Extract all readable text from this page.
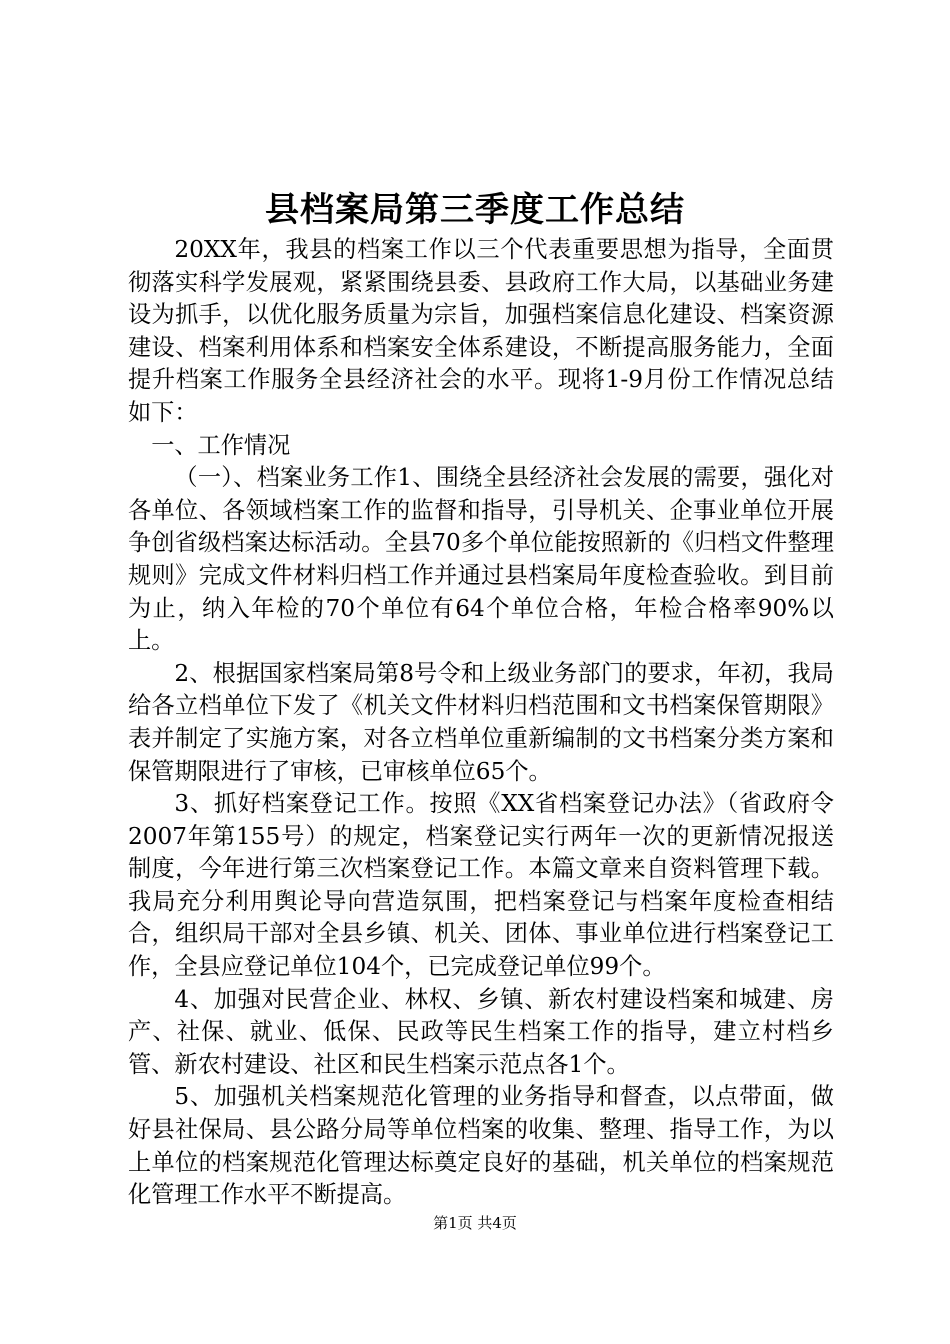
县档案局第三季度工作总结

20XX年，我县的档案工作以三个代表重要思想为指导，全面贯彻落实科学发展观，紧紧围绕县委、县政府工作大局，以基础业务建设为抓手，以优化服务质量为宗旨，加强档案信息化建设、档案资源建设、档案利用体系和档案安全体系建设，不断提高服务能力，全面提升档案工作服务全县经济社会的水平。现将1-9月份工作情况总结如下：

一、工作情况

（一）、档案业务工作1、围绕全县经济社会发展的需要，强化对各单位、各领域档案工作的监督和指导，引导机关、企事业单位开展争创省级档案达标活动。全县70多个单位能按照新的《归档文件整理规则》完成文件材料归档工作并通过县档案局年度检查验收。到目前为止，纳入年检的70个单位有64个单位合格，年检合格率90%以上。

2、根据国家档案局第8号令和上级业务部门的要求，年初，我局给各立档单位下发了《机关文件材料归档范围和文书档案保管期限》表并制定了实施方案，对各立档单位重新编制的文书档案分类方案和保管期限进行了审核，已审核单位65个。

3、抓好档案登记工作。按照《XX省档案登记办法》（省政府令2007年第155号）的规定，档案登记实行两年一次的更新情况报送制度，今年进行第三次档案登记工作。本篇文章来自资料管理下载。我局充分利用舆论导向营造氛围，把档案登记与档案年度检查相结合，组织局干部对全县乡镇、机关、团体、事业单位进行档案登记工作，全县应登记单位104个，已完成登记单位99个。

4、加强对民营企业、林权、乡镇、新农村建设档案和城建、房产、社保、就业、低保、民政等民生档案工作的指导，建立村档乡管、新农村建设、社区和民生档案示范点各1个。

5、加强机关档案规范化管理的业务指导和督查，以点带面，做好县社保局、县公路分局等单位档案的收集、整理、指导工作，为以上单位的档案规范化管理达标奠定良好的基础，机关单位的档案规范化管理工作水平不断提高。

第1页 共4页
